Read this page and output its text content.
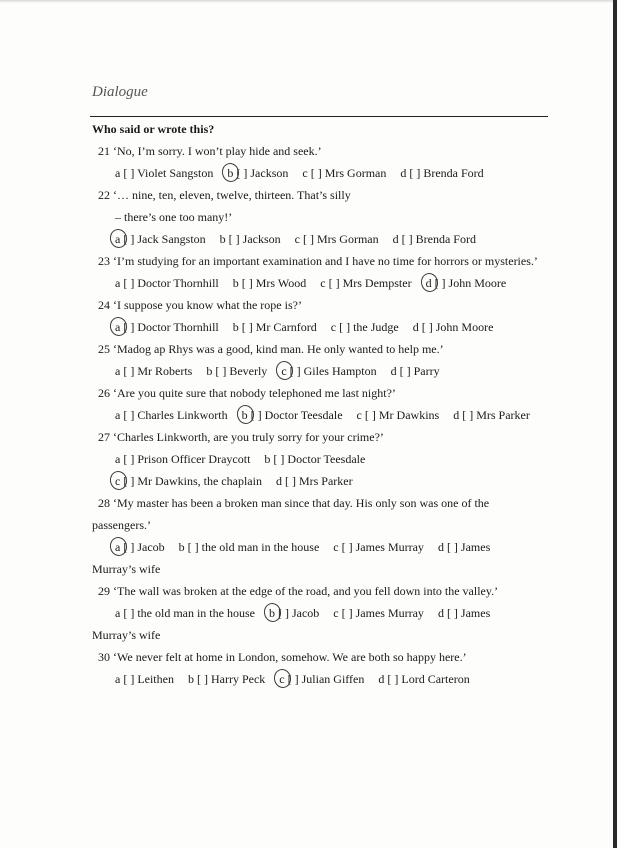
Dialogue
Who said or wrote this?
21 ‘No, I’m sorry. I won’t play hide and seek.’
a [ ] Violet Sangston b [ ] Jackson c [ ] Mrs Gorman d [ ] Brenda Ford
22 ‘… nine, ten, eleven, twelve, thirteen. That’s silly
– there’s one too many!’
a [ ] Jack Sangston b [ ] Jackson c [ ] Mrs Gorman d [ ] Brenda Ford
23 ‘I’m studying for an important examination and I have no time for horrors or mysteries.’
a [ ] Doctor Thornhill b [ ] Mrs Wood c [ ] Mrs Dempster d [ ] John Moore
24 ‘I suppose you know what the rope is?’
a [ ] Doctor Thornhill b [ ] Mr Carnford c [ ] the Judge d [ ] John Moore
25 ‘Madog ap Rhys was a good, kind man. He only wanted to help me.’
a [ ] Mr Roberts b [ ] Beverly c [ ] Giles Hampton d [ ] Parry
26 ‘Are you quite sure that nobody telephoned me last night?’
a [ ] Charles Linkworth b [ ] Doctor Teesdale c [ ] Mr Dawkins d [ ] Mrs Parker
27 ‘Charles Linkworth, are you truly sorry for your crime?’
a [ ] Prison Officer Draycott b [ ] Doctor Teesdale
c [ ] Mr Dawkins, the chaplain d [ ] Mrs Parker
28 ‘My master has been a broken man since that day. His only son was one of the
passengers.’
a [ ] Jacob b [ ] the old man in the house c [ ] James Murray d [ ] James
Murray’s wife
29 ‘The wall was broken at the edge of the road, and you fell down into the valley.’
a [ ] the old man in the house b [ ] Jacob c [ ] James Murray d [ ] James
Murray’s wife
30 ‘We never felt at home in London, somehow. We are both so happy here.’
a [ ] Leithen b [ ] Harry Peck c [ ] Julian Giffen d [ ] Lord Carteron
